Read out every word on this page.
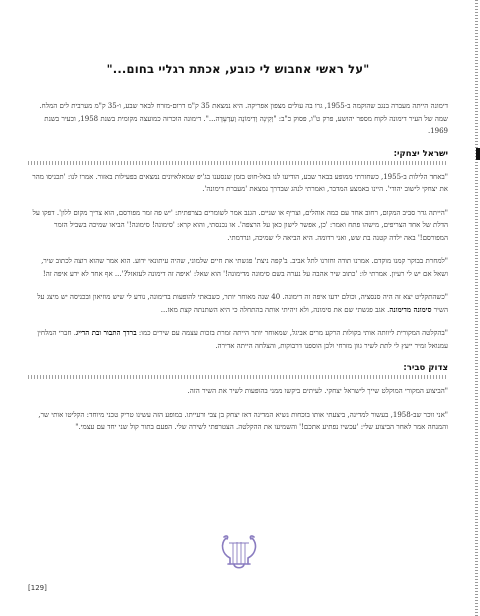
"על ראשי אחבוש לי כובע, אכתת רגליי בחום..."

דימונה הייתה מעברה בנגב שהוקמה ב-1955, גרו בה עולים מצפון אפריקה. היא נמצאת 35 ק"מ דרום-מזרח לבאר שבע, ו-35 ק"מ מערבית לים המלח. שמה של העיר דימונה לקוח מספר יהושע, פרק ט"ו, פסוק כ"ב: "וְקִינָה וְדִימוֹנָה וְעַדְעָדָה...". דימונה הוכרזה כמועצה מקומית בשנת 1958, וכעיר בשנת 1969.

ישראל יצחקי:

"באחד הלילות ב-1955, כשחזרתי ממופע בבאר שבע, הודיעו לנו באל-חוט בזמן שנסענו בג'יפ שמאלאיונים נמצאים בפעילות באזור. אמרו לנו: 'תכניסו מהר את יצחקי לישוב יהודי'. היינו באמצע המדבר, ואמרתי לנהג שבדרך נמצאת 'מעברת דימונה'.

"הייתה גדר סביב המקום, רחוב אחד עם כמה אוהלים, וצריף או שניים. הגנב אמר לשומרים בצרפתית: 'יש פה זמר מפורסם, הוא צריך מקום ללון'. דפקו על הדלת של אחד הצריפים, מישהו פתח ואמר: 'כן, אפשר לישון כאן על הרצפה'. או נכנסתי, והוא קרא: 'סימונה! סימונה!' הביאו שמיכה בשביל הזמר המפורסם!' באה ילדה קטנה בת שש, ואני רדומה. היא הביאה לי שמיכה, ונרדמתי.

"למחרת בבוקר קמנו מוקדם. אמרנו תודה וחזרנו לתל אביב. ב'קפה ניצת' פגשתי את חיים שלמוני, שהיה עיתונאי ידוע. הוא אמר שהוא רוצה לכתוב שיר, ושאל אם יש לי רעיון. אמרתי לו: 'כתוב שיר אהבה על נערה בשם סימונה מדימונה!' הוא שאל: 'איפה זה דימונה לעזאזל?'... אף אחד לא ידע איפה זה!

"כשהתקליט יצא זה היה סנסציה, וכולם ידעו איפה זה דימונה. 40 שנה מאוחר יותר, כשבאתי להופעות בדימונה, נודע לי שיש מוזיאון ובכניסה יש מיצג על השיר סימונה מדימונה. אגב פגשתי שם את סימונה, ולא זיהיתי אותה בהתחלה כי היא השתנתה קצת מאז...

"בהקלטה המקורית ליוותה אותי בקולות הרקע מרים אביגל, שמאוחר יותר הייתה זמרת בזכות עצמה עם שירים כמו: ברדך התבור ובת הדייג. חברי המלחין עמנואל זמיר ייעץ לי לתת לשיר גוון מזרחי ולכן הוספנו דרבוקות, והצלחה הייתה אדירה.

צדוק סביר:

"הביצוע המקורי המוקלט שייך לישראל יצחקי. לעיתים ביקשו ממני בהופעות לשיר את השיר הזה.

"אני זוכר שב-1958, בעשור למדינה, ביצעתי אותו בוכחות נשיא המדינה דאז יצחק בן צבי ורעייתו. במופע הזה עשינו טריק טכני מיוחד: הקליטו אותי שר, והמנחה אמר לאחר הביצוע שלי: 'עכשיו נפתיע אתכם!' והשמיעו את ההקלטה. הצטרפתי לשירה שלי. הפעם בתור קול שני יחד עם עצמי."

[129]
